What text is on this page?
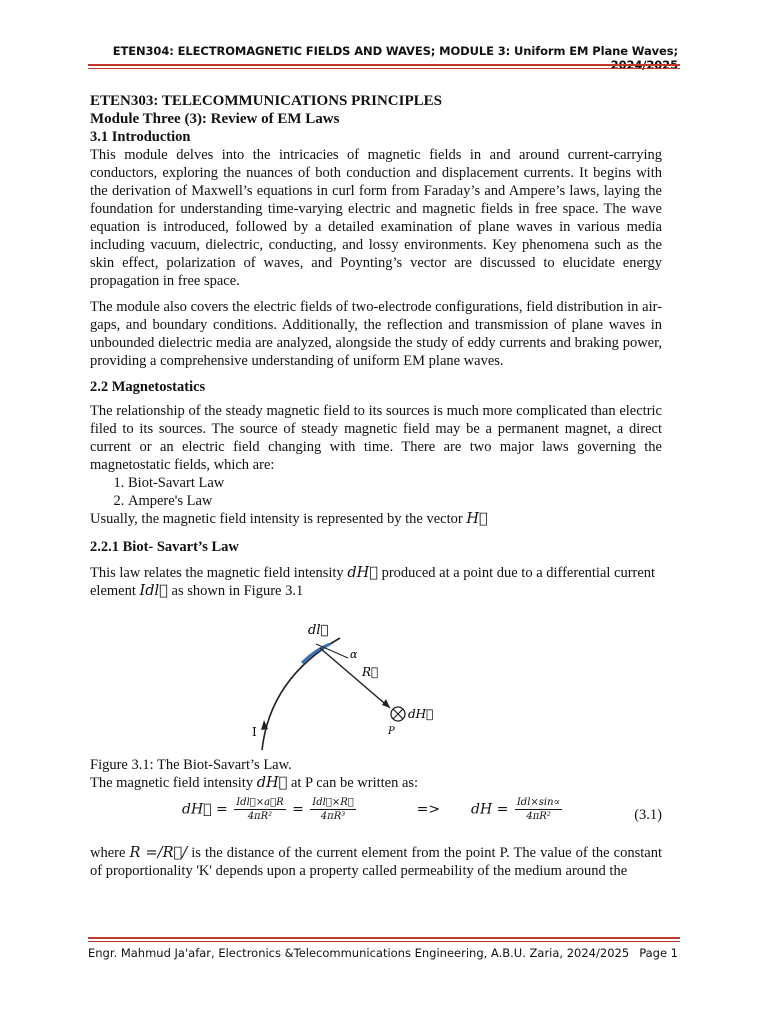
ETEN304: ELECTROMAGNETIC FIELDS AND WAVES; MODULE 3: Uniform EM Plane Waves;

ETEN303: TELECOMMUNICATIONS PRINCIPLES

Module Three (3): Review of EM Laws

3.1 Introduction

This module delves into the intricacies of magnetic fields in and around current-carrying conductors, exploring the nuances of both conduction and displacement currents. It begins with the derivation of Maxwell’s equations in curl form from Faraday’s and Ampere’s laws, laying the foundation for understanding time-varying electric and magnetic fields in free space. The wave equation is introduced, followed by a detailed examination of plane waves in various media including vacuum, dielectric, conducting, and lossy environments. Key phenomena such as the skin effect, polarization of waves, and Poynting’s vector are discussed to elucidate energy propagation in free space.

The module also covers the electric fields of two-electrode configurations, field distribution in air-gaps, and boundary conditions. Additionally, the reflection and transmission of plane waves in unbounded dielectric media are analyzed, alongside the study of eddy currents and braking power, providing a comprehensive understanding of uniform EM plane waves.

2.2 Magnetostatics

The relationship of the steady magnetic field to its sources is much more complicated than electric filed to its sources. The source of steady magnetic field may be a permanent magnet, a direct current or an electric field changing with time. There are two major laws governing the magnetostatic fields, which are:

1. Biot-Savart Law
2. Ampere's Law

Usually, the magnetic field intensity is represented by the vector H⃗

2.2.1 Biot- Savart’s Law

This law relates the magnetic field intensity dH⃗ produced at a point due to a differential current element Idl⃗ as shown in Figure 3.1

dl⃗
α
R⃗
dH⃗
I	P

Figure 3.1: The Biot-Savart’s Law.

The magnetic field intensity dH⃗ at P can be written as:

dH⃗ = $\frac{\text{Idl⃗×a⃗R}}{\text{4πR²}} = \frac{\text{Idl⃗×R⃗}}{\text{4πR³}}$	=> dH = $\frac{\text{Idl×sin∝}}{\text{4πR²}}$	(3.1)

where R =/R⃗/ is the distance of the current element from the point P. The value of the constant of proportionality 'K' depends upon a property called permeability of the medium around the

Engr. Mahmud Ja'afar, Electronics &Telecommunications Engineering, A.B.U. Zaria, 2024/2025 Page 1
